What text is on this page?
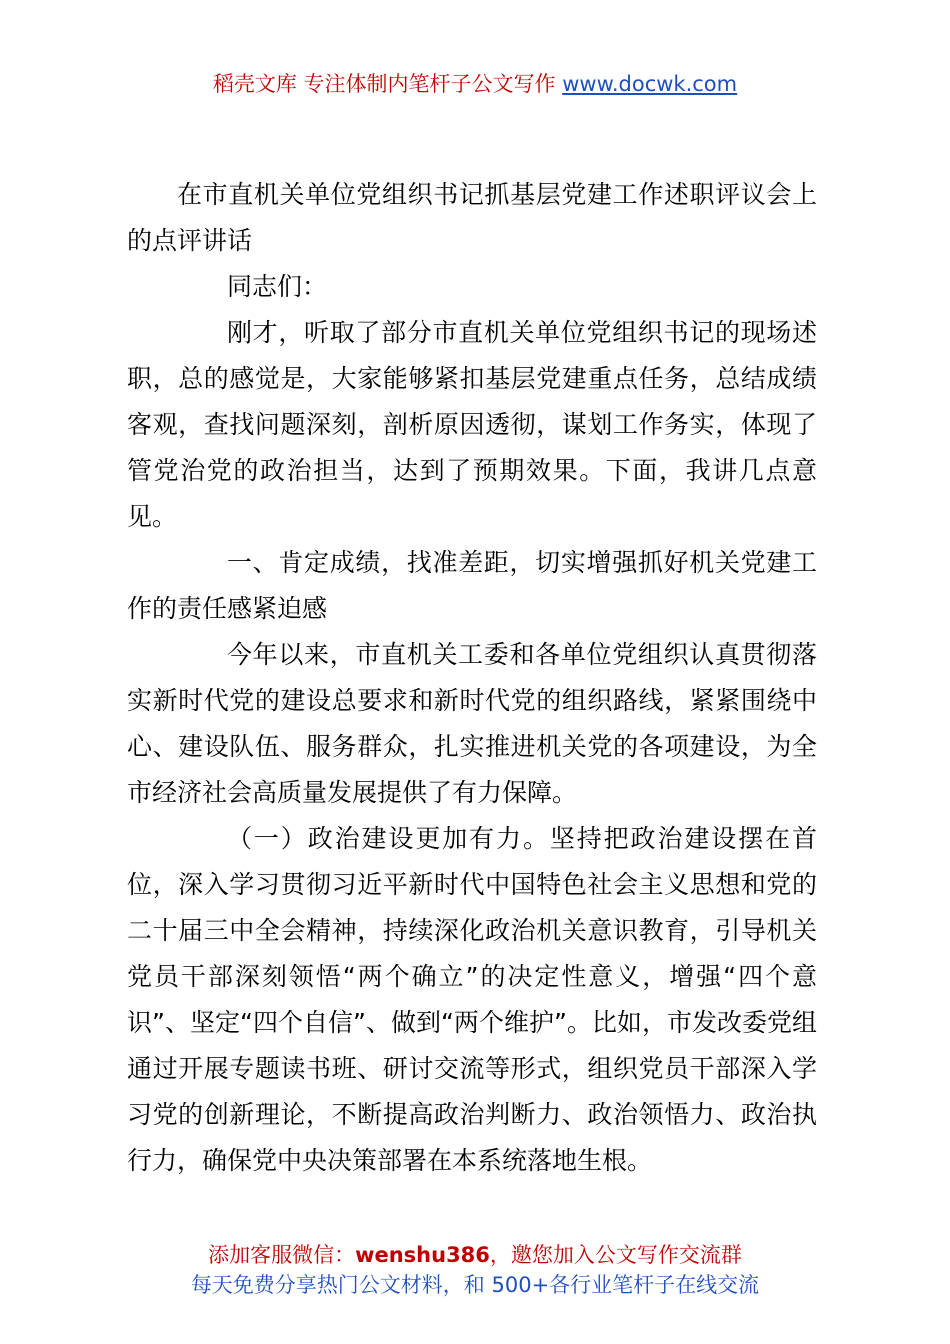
稻壳文库 专注体制内笔杆子公文写作 www.docwk.com

在市直机关单位党组织书记抓基层党建工作述职评议会上的点评讲话

同志们：

刚才，听取了部分市直机关单位党组织书记的现场述职，总的感觉是，大家能够紧扣基层党建重点任务，总结成绩客观，查找问题深刻，剖析原因透彻，谋划工作务实，体现了管党治党的政治担当，达到了预期效果。下面，我讲几点意见。

一、肯定成绩，找准差距，切实增强抓好机关党建工作的责任感紧迫感

今年以来，市直机关工委和各单位党组织认真贯彻落实新时代党的建设总要求和新时代党的组织路线，紧紧围绕中心、建设队伍、服务群众，扎实推进机关党的各项建设，为全市经济社会高质量发展提供了有力保障。

（一）政治建设更加有力。坚持把政治建设摆在首位，深入学习贯彻习近平新时代中国特色社会主义思想和党的二十届三中全会精神，持续深化政治机关意识教育，引导机关党员干部深刻领悟“两个确立”的决定性意义，增强“四个意识”、坚定“四个自信”、做到“两个维护”。比如，市发改委党组通过开展专题读书班、研讨交流等形式，组织党员干部深入学习党的创新理论，不断提高政治判断力、政治领悟力、政治执行力，确保党中央决策部署在本系统落地生根。

添加客服微信：wenshu386，邀您加入公文写作交流群
每天免费分享热门公文材料，和 500+各行业笔杆子在线交流
